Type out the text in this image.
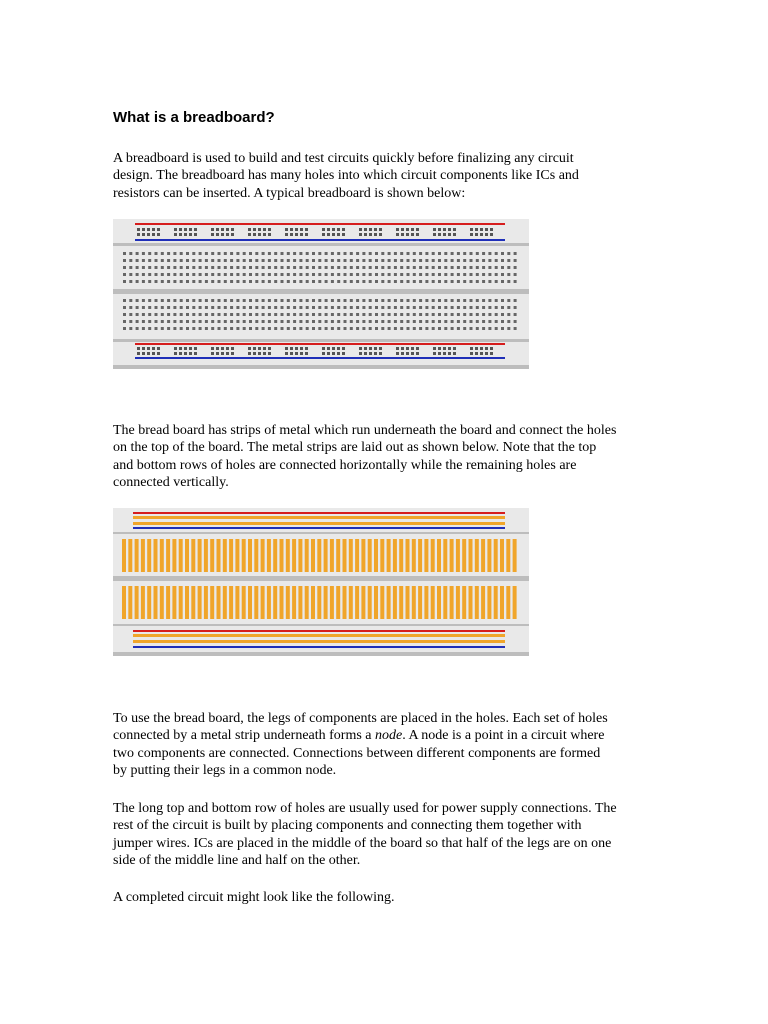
What is a breadboard?

A breadboard is used to build and test circuits quickly before finalizing any circuit
design. The breadboard has many holes into which circuit components like ICs and
resistors can be inserted. A typical breadboard is shown below:

The bread board has strips of metal which run underneath the board and connect the holes
on the top of the board. The metal strips are laid out as shown below. Note that the top
and bottom rows of holes are connected horizontally while the remaining holes are
connected vertically.

To use the bread board, the legs of components are placed in the holes. Each set of holes
connected by a metal strip underneath forms a node. A node is a point in a circuit where
two components are connected. Connections between different components are formed
by putting their legs in a common node.

The long top and bottom row of holes are usually used for power supply connections. The
rest of the circuit is built by placing components and connecting them together with
jumper wires. ICs are placed in the middle of the board so that half of the legs are on one
side of the middle line and half on the other.

A completed circuit might look like the following.
